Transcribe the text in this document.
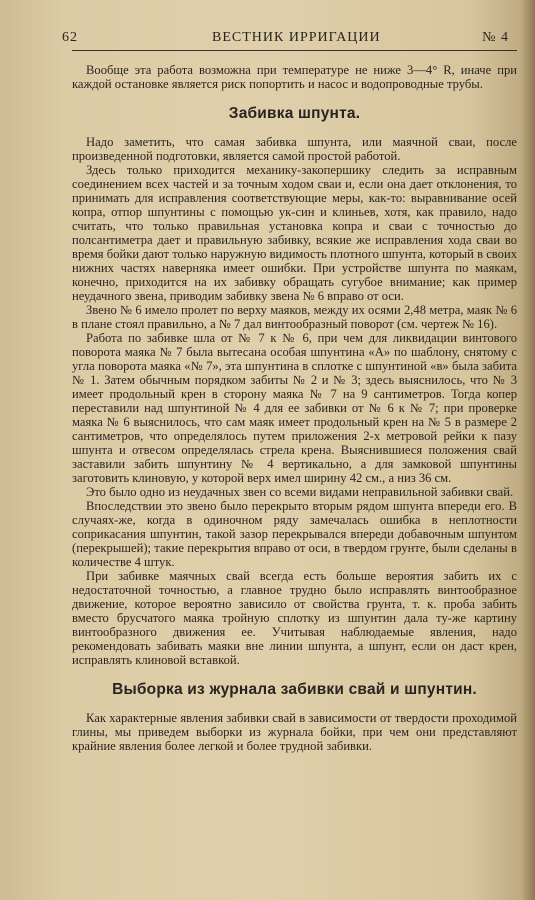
62	ВЕСТНИК ИРРИГАЦИИ	№ 4

Вообще эта работа возможна при температуре не ниже 3—4° R, иначе при каждой остановке является риск попортить и насос и водопроводные трубы.

Забивка шпунта.

Надо заметить, что самая забивка шпунта, или маячной сваи, после произведенной подготовки, является самой простой работой.

Здесь только приходится механику-закопершику следить за исправным соединением всех частей и за точным ходом сваи и, если она дает отклонения, то принимать для исправления соответствующие меры, как-то: выравнивание осей копра, отпор шпунтины с помощью ук-син и клиньев, хотя, как правило, надо считать, что только правильная установка копра и сваи с точностью до полсантиметра дает и правильную забивку, всякие же исправления хода сваи во время бойки дают только наружную видимость плотного шпунта, который в своих нижних частях наверняка имеет ошибки. При устройстве шпунта по маякам, конечно, приходится на их забивку обращать сугубое внимание; как пример неудачного звена, приводим забивку звена № 6 вправо от оси.

Звено № 6 имело пролет по верху маяков, между их осями 2,48 метра, маяк № 6 в плане стоял правильно, а № 7 дал винтообразный поворот (см. чертеж № 16).

Работа по забивке шла от № 7 к № 6, при чем для ликвидации винтового поворота маяка № 7 была вытесана особая шпунтина «А» по шаблону, снятому с угла поворота маяка «№ 7», эта шпунтина в сплотке с шпунтиной «в» была забита № 1. Затем обычным порядком забиты № 2 и № 3; здесь выяснилось, что № 3 имеет продольный крен в сторону маяка № 7 на 9 сантиметров. Тогда копер переставили над шпунтиной № 4 для ее забивки от № 6 к № 7; при проверке маяка № 6 выяснилось, что сам маяк имеет продольный крен на № 5 в размере 2 сантиметров, что определялось путем приложения 2-х метровой рейки к пазу шпунта и отвесом определялась стрела крена. Выяснившиеся положения свай заставили забить шпунтину № 4 вертикально, а для замковой шпунтины заготовить клиновую, у которой верх имел ширину 42 см., а низ 36 см.

Это было одно из неудачных звен со всеми видами неправильной забивки свай.

Впоследствии это звено было перекрыто вторым рядом шпунта впереди его. В случаях-же, когда в одиночном ряду замечалась ошибка в неплотности соприкасания шпунтин, такой зазор перекрывался впереди добавочным шпунтом (перекрышей); такие перекрытия вправо от оси, в твердом грунте, были сделаны в количестве 4 штук.

При забивке маячных свай всегда есть больше вероятия забить их с недостаточной точностью, а главное трудно было исправлять винтообразное движение, которое вероятно зависило от свойства грунта, т. к. проба забить вместо брусчатого маяка тройную сплотку из шпунтин дала ту-же картину винтообразного движения ее. Учитывая наблюдаемые явления, надо рекомендовать забивать маяки вне линии шпунта, а шпунт, если он даст крен, исправлять клиновой вставкой.

Выборка из журнала забивки свай и шпунтин.

Как характерные явления забивки свай в зависимости от твердости проходимой глины, мы приведем выборки из журнала бойки, при чем они представляют крайние явления более легкой и более трудной забивки.
